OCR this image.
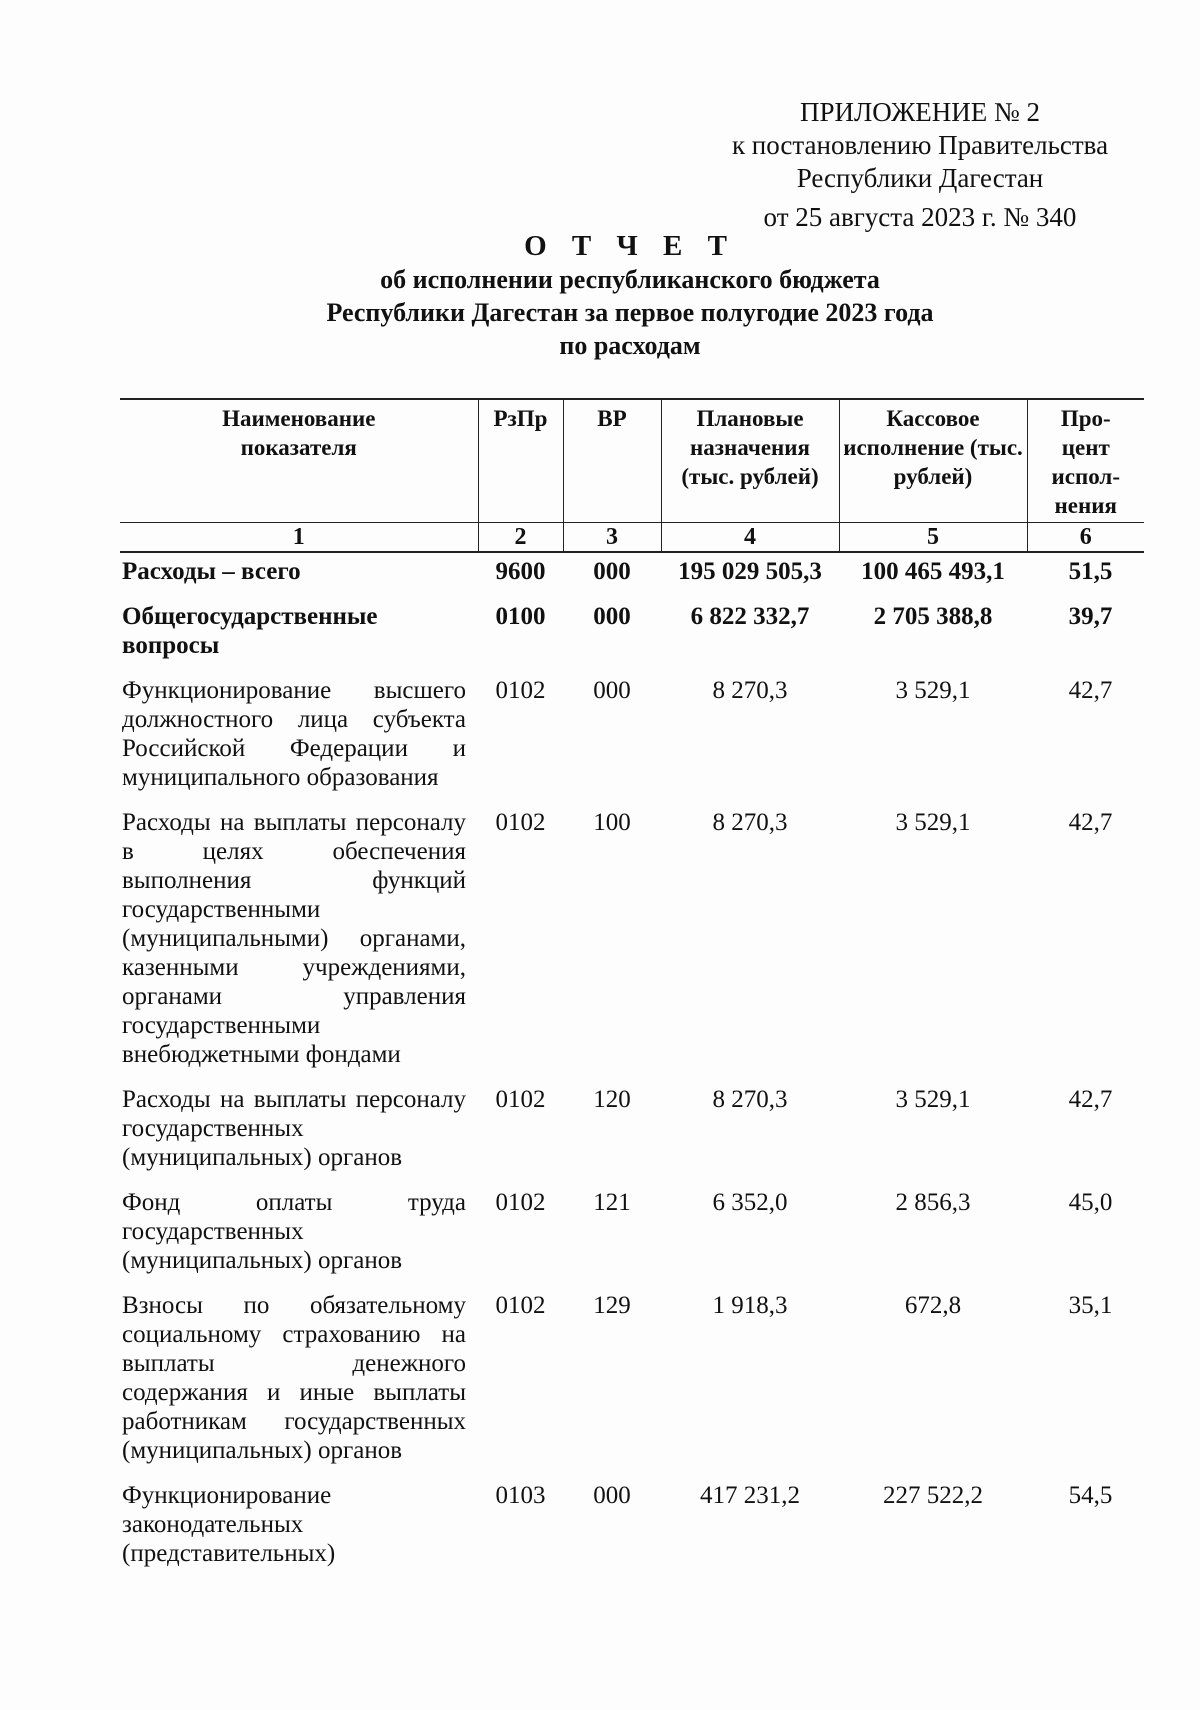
ПРИЛОЖЕНИЕ № 2
к постановлению Правительства
Республики Дагестан
от 25 августа 2023 г. № 340
О Т Ч Е Т
об исполнении республиканского бюджета
Республики Дагестан за первое полугодие 2023 года
по расходам
Наименование показателя	РзПр	ВР	Плановые назначения (тыс. рублей)	Кассовое исполнение (тыс. рублей)	Про- цент испол- нения
1	2	3	4	5	6
Расходы – всего	9600	000	195 029 505,3	100 465 493,1	51,5
Общегосударственные вопросы	0100	000	6 822 332,7	2 705 388,8	39,7
Функционирование высшего должностного лица субъекта Российской Федерации и муниципального образования	0102	000	8 270,3	3 529,1	42,7
Расходы на выплаты персоналу в целях обеспечения выполнения функций государственными (муниципальными) органами, казенными учреждениями, органами управления государственными внебюджетными фондами	0102	100	8 270,3	3 529,1	42,7
Расходы на выплаты персоналу государственных (муниципальных) органов	0102	120	8 270,3	3 529,1	42,7
Фонд оплаты труда государственных (муниципальных) органов	0102	121	6 352,0	2 856,3	45,0
Взносы по обязательному социальному страхованию на выплаты денежного содержания и иные выплаты работникам государственных (муниципальных) органов	0102	129	1 918,3	672,8	35,1
Функционирование законодательных (представительных)	0103	000	417 231,2	227 522,2	54,5
